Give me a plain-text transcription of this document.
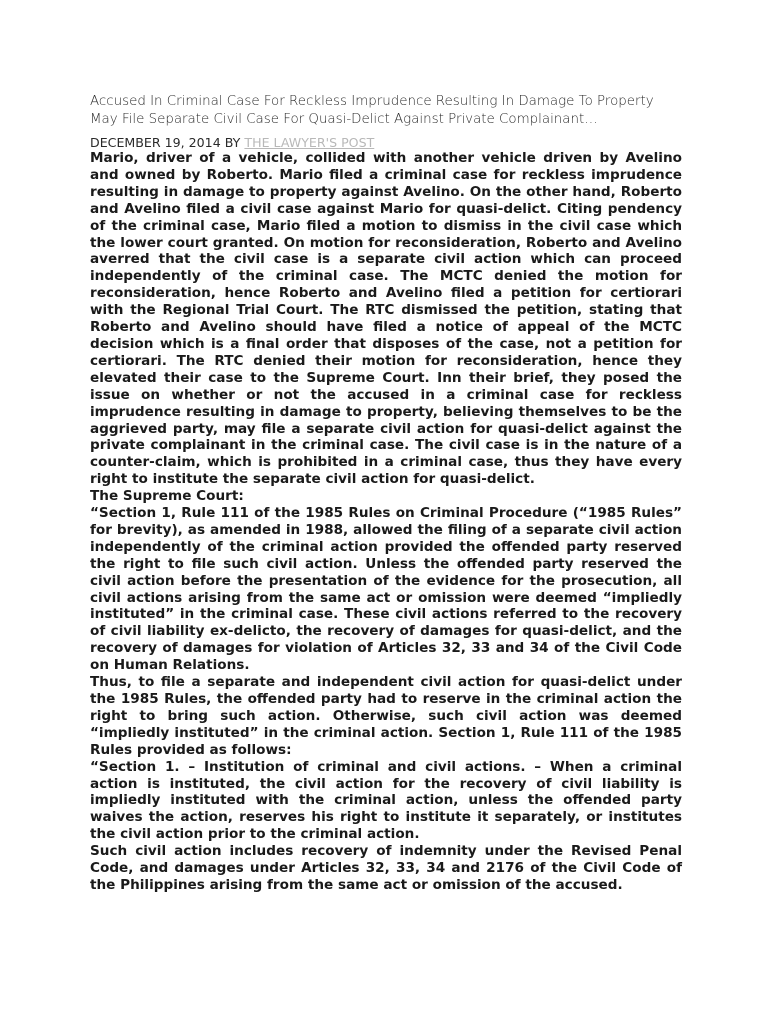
Accused In Criminal Case For Reckless Imprudence Resulting In Damage To Property May File Separate Civil Case For Quasi-Delict Against Private Complainant…

DECEMBER 19, 2014 BY THE LAWYER'S POST

Mario, driver of a vehicle, collided with another vehicle driven by Avelino and owned by Roberto. Mario filed a criminal case for reckless imprudence resulting in damage to property against Avelino. On the other hand, Roberto and Avelino filed a civil case against Mario for quasi-delict. Citing pendency of the criminal case, Mario filed a motion to dismiss in the civil case which the lower court granted. On motion for reconsideration, Roberto and Avelino averred that the civil case is a separate civil action which can proceed independently of the criminal case. The MCTC denied the motion for reconsideration, hence Roberto and Avelino filed a petition for certiorari with the Regional Trial Court. The RTC dismissed the petition, stating that Roberto and Avelino should have filed a notice of appeal of the MCTC decision which is a final order that disposes of the case, not a petition for certiorari. The RTC denied their motion for reconsideration, hence they elevated their case to the Supreme Court. Inn their brief, they posed the issue on whether or not the accused in a criminal case for reckless imprudence resulting in damage to property, believing themselves to be the aggrieved party, may file a separate civil action for quasi-delict against the private complainant in the criminal case. The civil case is in the nature of a counter-claim, which is prohibited in a criminal case, thus they have every right to institute the separate civil action for quasi-delict.

The Supreme Court:

“Section 1, Rule 111 of the 1985 Rules on Criminal Procedure (“1985 Rules” for brevity), as amended in 1988, allowed the filing of a separate civil action independently of the criminal action provided the offended party reserved the right to file such civil action. Unless the offended party reserved the civil action before the presentation of the evidence for the prosecution, all civil actions arising from the same act or omission were deemed “impliedly instituted” in the criminal case. These civil actions referred to the recovery of civil liability ex-delicto, the recovery of damages for quasi-delict, and the recovery of damages for violation of Articles 32, 33 and 34 of the Civil Code on Human Relations.

Thus, to file a separate and independent civil action for quasi-delict under the 1985 Rules, the offended party had to reserve in the criminal action the right to bring such action. Otherwise, such civil action was deemed “impliedly instituted” in the criminal action. Section 1, Rule 111 of the 1985 Rules provided as follows:

“Section 1. – Institution of criminal and civil actions. – When a criminal action is instituted, the civil action for the recovery of civil liability is impliedly instituted with the criminal action, unless the offended party waives the action, reserves his right to institute it separately, or institutes the civil action prior to the criminal action.

Such civil action includes recovery of indemnity under the Revised Penal Code, and damages under Articles 32, 33, 34 and 2176 of the Civil Code of the Philippines arising from the same act or omission of the accused.
